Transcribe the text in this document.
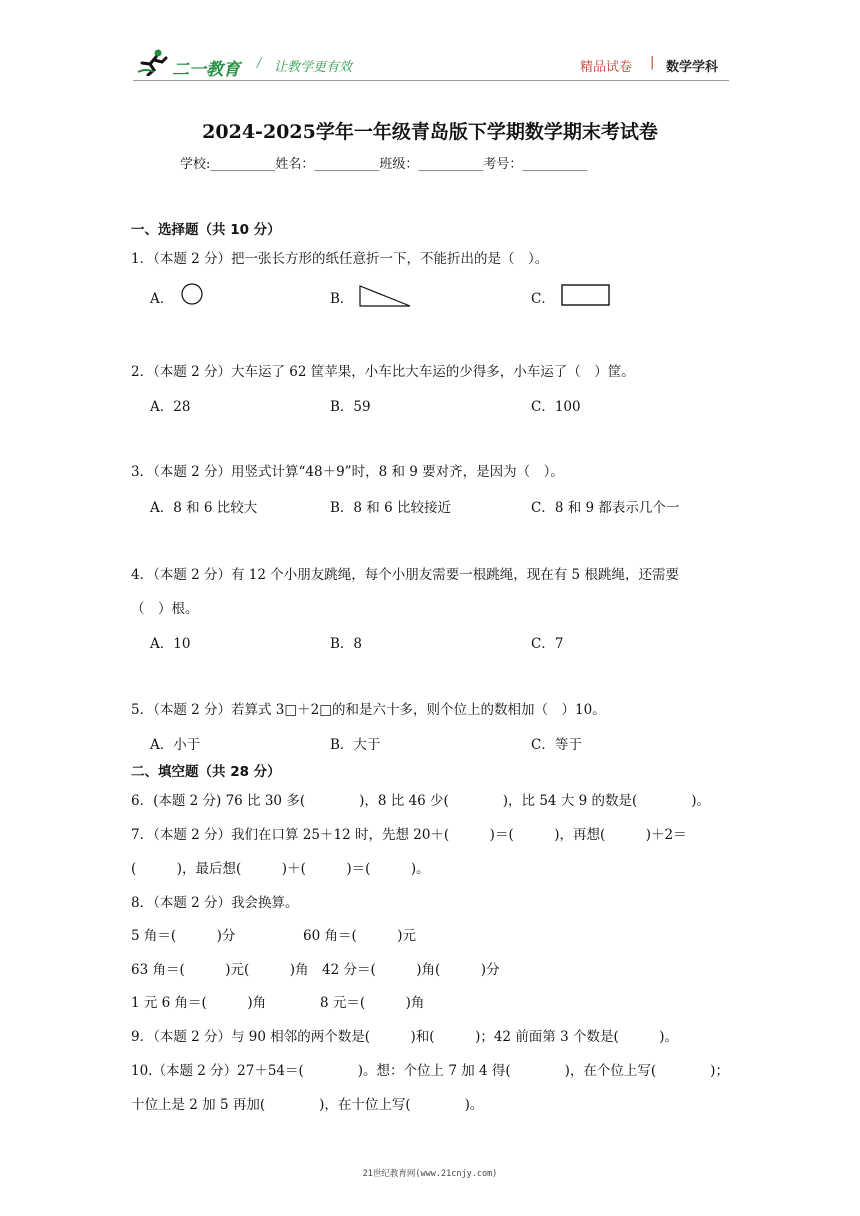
二一教育 / 让教学更有效	精品试卷 | 数学学科
2024-2025学年一年级青岛版下学期数学期末考试卷
学校:__________姓名：__________班级：__________考号：__________
一、选择题（共 10 分）
1．（本题 2 分）把一张长方形的纸任意折一下，不能折出的是（　）。
A．	B．	C．
2．（本题 2 分）大车运了 62 筐苹果，小车比大车运的少得多，小车运了（　）筐。
A．28	B．59	C．100
3．（本题 2 分）用竖式计算“48＋9”时，8 和 9 要对齐，是因为（　）。
A．8 和 6 比较大	B．8 和 6 比较接近	C．8 和 9 都表示几个一
4．（本题 2 分）有 12 个小朋友跳绳，每个小朋友需要一根跳绳，现在有 5 根跳绳，还需要
（　）根。
A．10	B．8	C．7
5．（本题 2 分）若算式 3□＋2□的和是六十多，则个位上的数相加（　）10。
A．小于	B．大于	C．等于
二、填空题（共 28 分）
6．(本题 2 分) 76 比 30 多(　　　　)，8 比 46 少(　　　　)，比 54 大 9 的数是(　　　　)。
7．（本题 2 分）我们在口算 25＋12 时，先想 20＋(　　　)＝(　　　)，再想(　　　)＋2＝
(　　　)，最后想(　　　)＋(　　　)＝(　　　)。
8．（本题 2 分）我会换算。
5 角＝(　　　)分	60 角＝(　　　)元
63 角＝(　　　)元(　　　)角　42 分＝(　　　)角(　　　)分
1 元 6 角＝(　　　)角	8 元＝(　　　)角
9．（本题 2 分）与 90 相邻的两个数是(　　　)和(　　　)；42 前面第 3 个数是(　　　)。
10.（本题 2 分）27＋54＝(　　　　)。想：个位上 7 加 4 得(　　　　)，在个位上写(　　　　)；
十位上是 2 加 5 再加(　　　　)，在十位上写(　　　　)。
21世纪教育网(www.21cnjy.com)
